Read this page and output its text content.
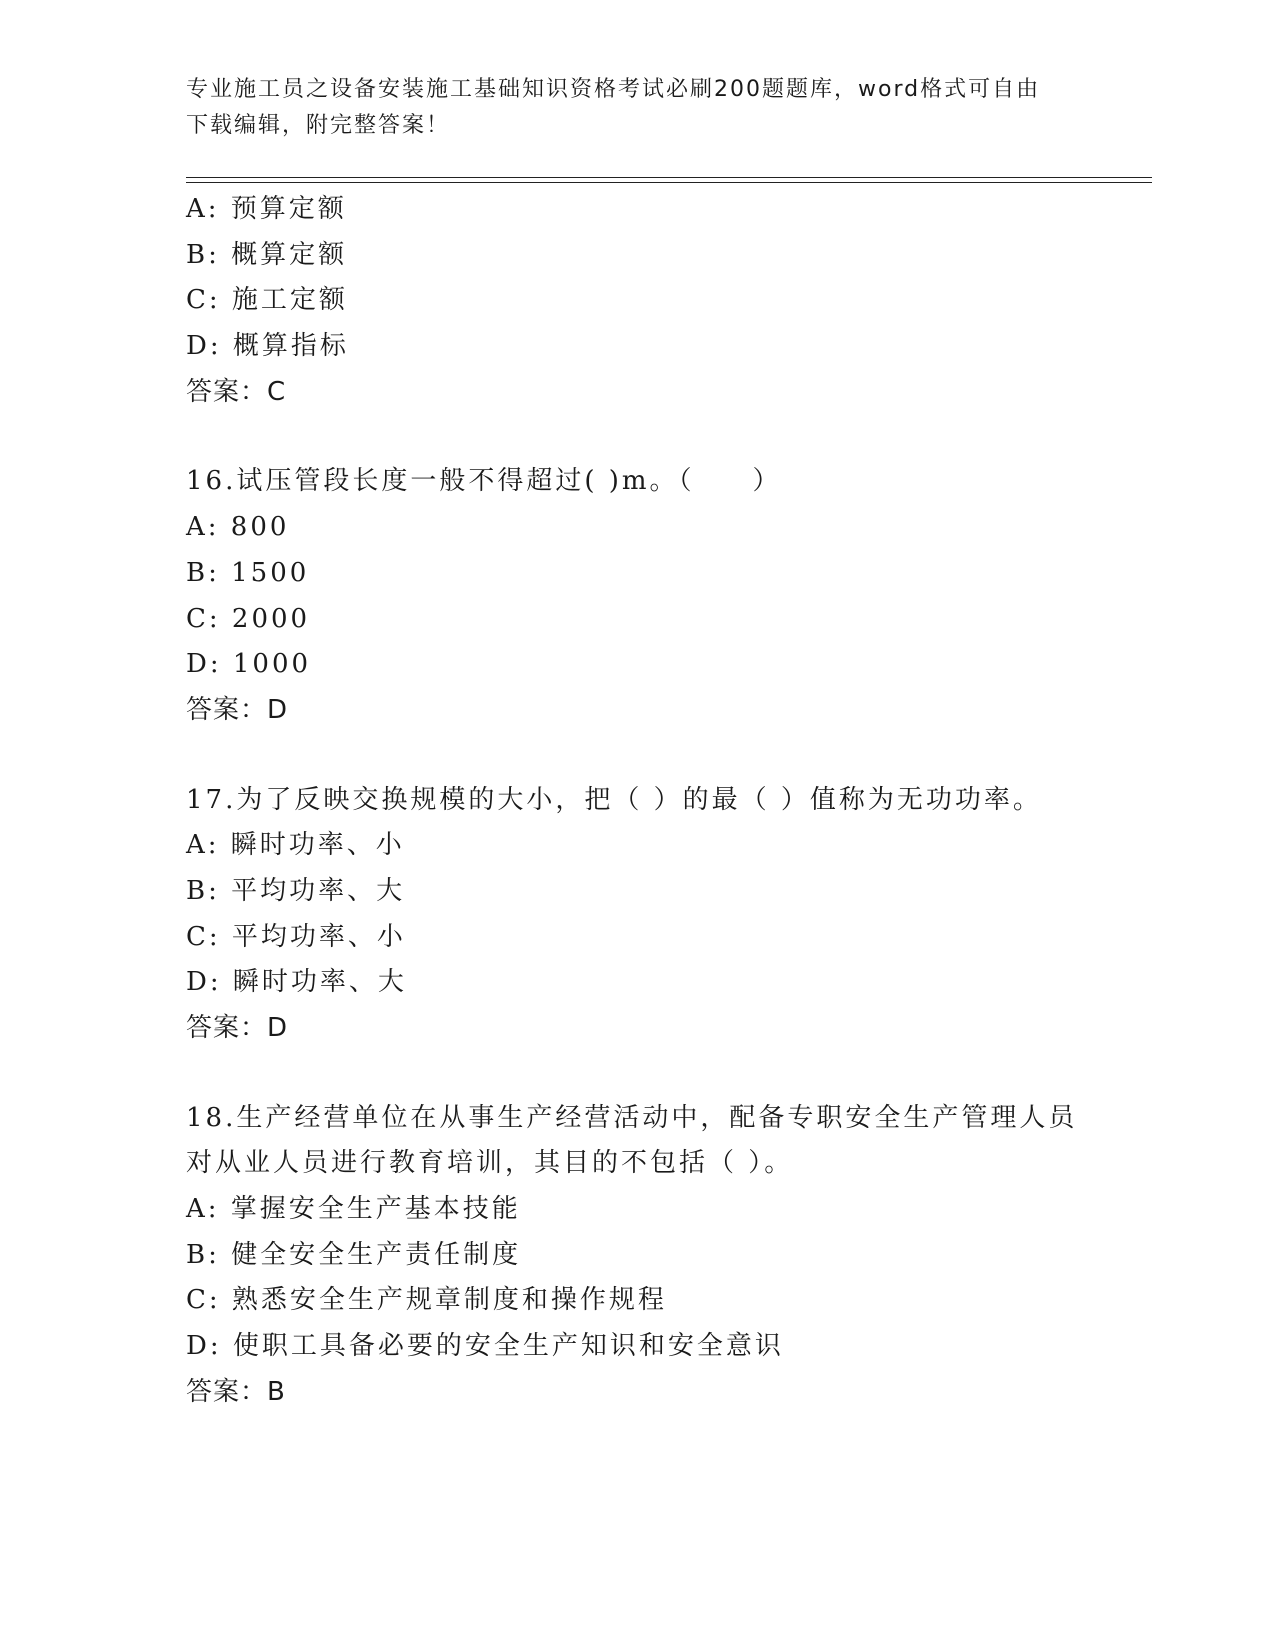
专业施工员之设备安装施工基础知识资格考试必刷200题题库，word格式可自由
下载编辑，附完整答案！
A: 预算定额
B: 概算定额
C: 施工定额
D: 概算指标
答案：C
16.试压管段长度一般不得超过( )m。（　　）
A: 800
B: 1500
C: 2000
D: 1000
答案：D
17.为了反映交换规模的大小，把（ ）的最（ ）值称为无功功率。
A: 瞬时功率、小
B: 平均功率、大
C: 平均功率、小
D: 瞬时功率、大
答案：D
18.生产经营单位在从事生产经营活动中，配备专职安全生产管理人员
对从业人员进行教育培训，其目的不包括（ ）。
A: 掌握安全生产基本技能
B: 健全安全生产责任制度
C: 熟悉安全生产规章制度和操作规程
D: 使职工具备必要的安全生产知识和安全意识
答案：B
